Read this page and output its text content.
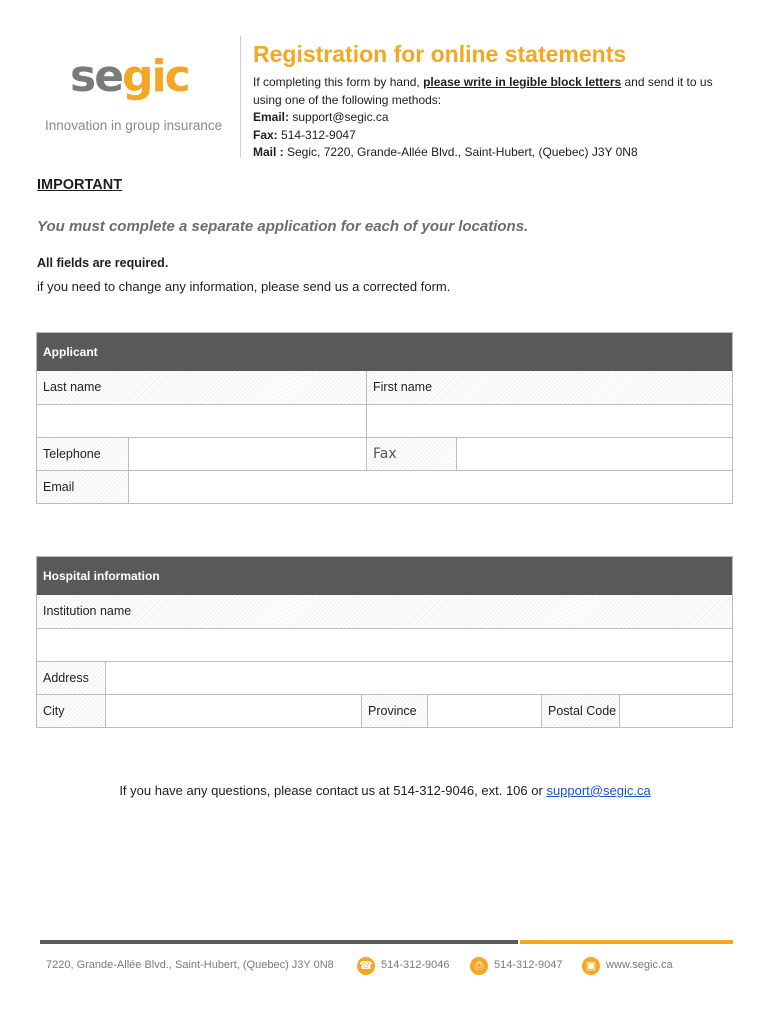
segic
Innovation in group insurance
Registration for online statements

If completing this form by hand, please write in legible block letters and send it to us using one of the following methods:

Email: support@segic.ca

Fax: 514-312-9047

Mail : Segic, 7220, Grande-Allée Blvd., Saint-Hubert, (Quebec) J3Y 0N8

IMPORTANT
You must complete a separate application for each of your locations.
All fields are required.
if you need to change any information, please send us a corrected form.
Applicant
Last name	First name
Telephone	Fax
Email
Hospital information
Institution name
Address
City	Province	Postal Code
If you have any questions, please contact us at 514-312-9046, ext. 106 or support@segic.ca
7220, Grande-Allée Blvd., Saint-Hubert, (Quebec) J3Y 0N8 ☎ 514-312-9046	⎙ 514-312-9047	▣ www.segic.ca
